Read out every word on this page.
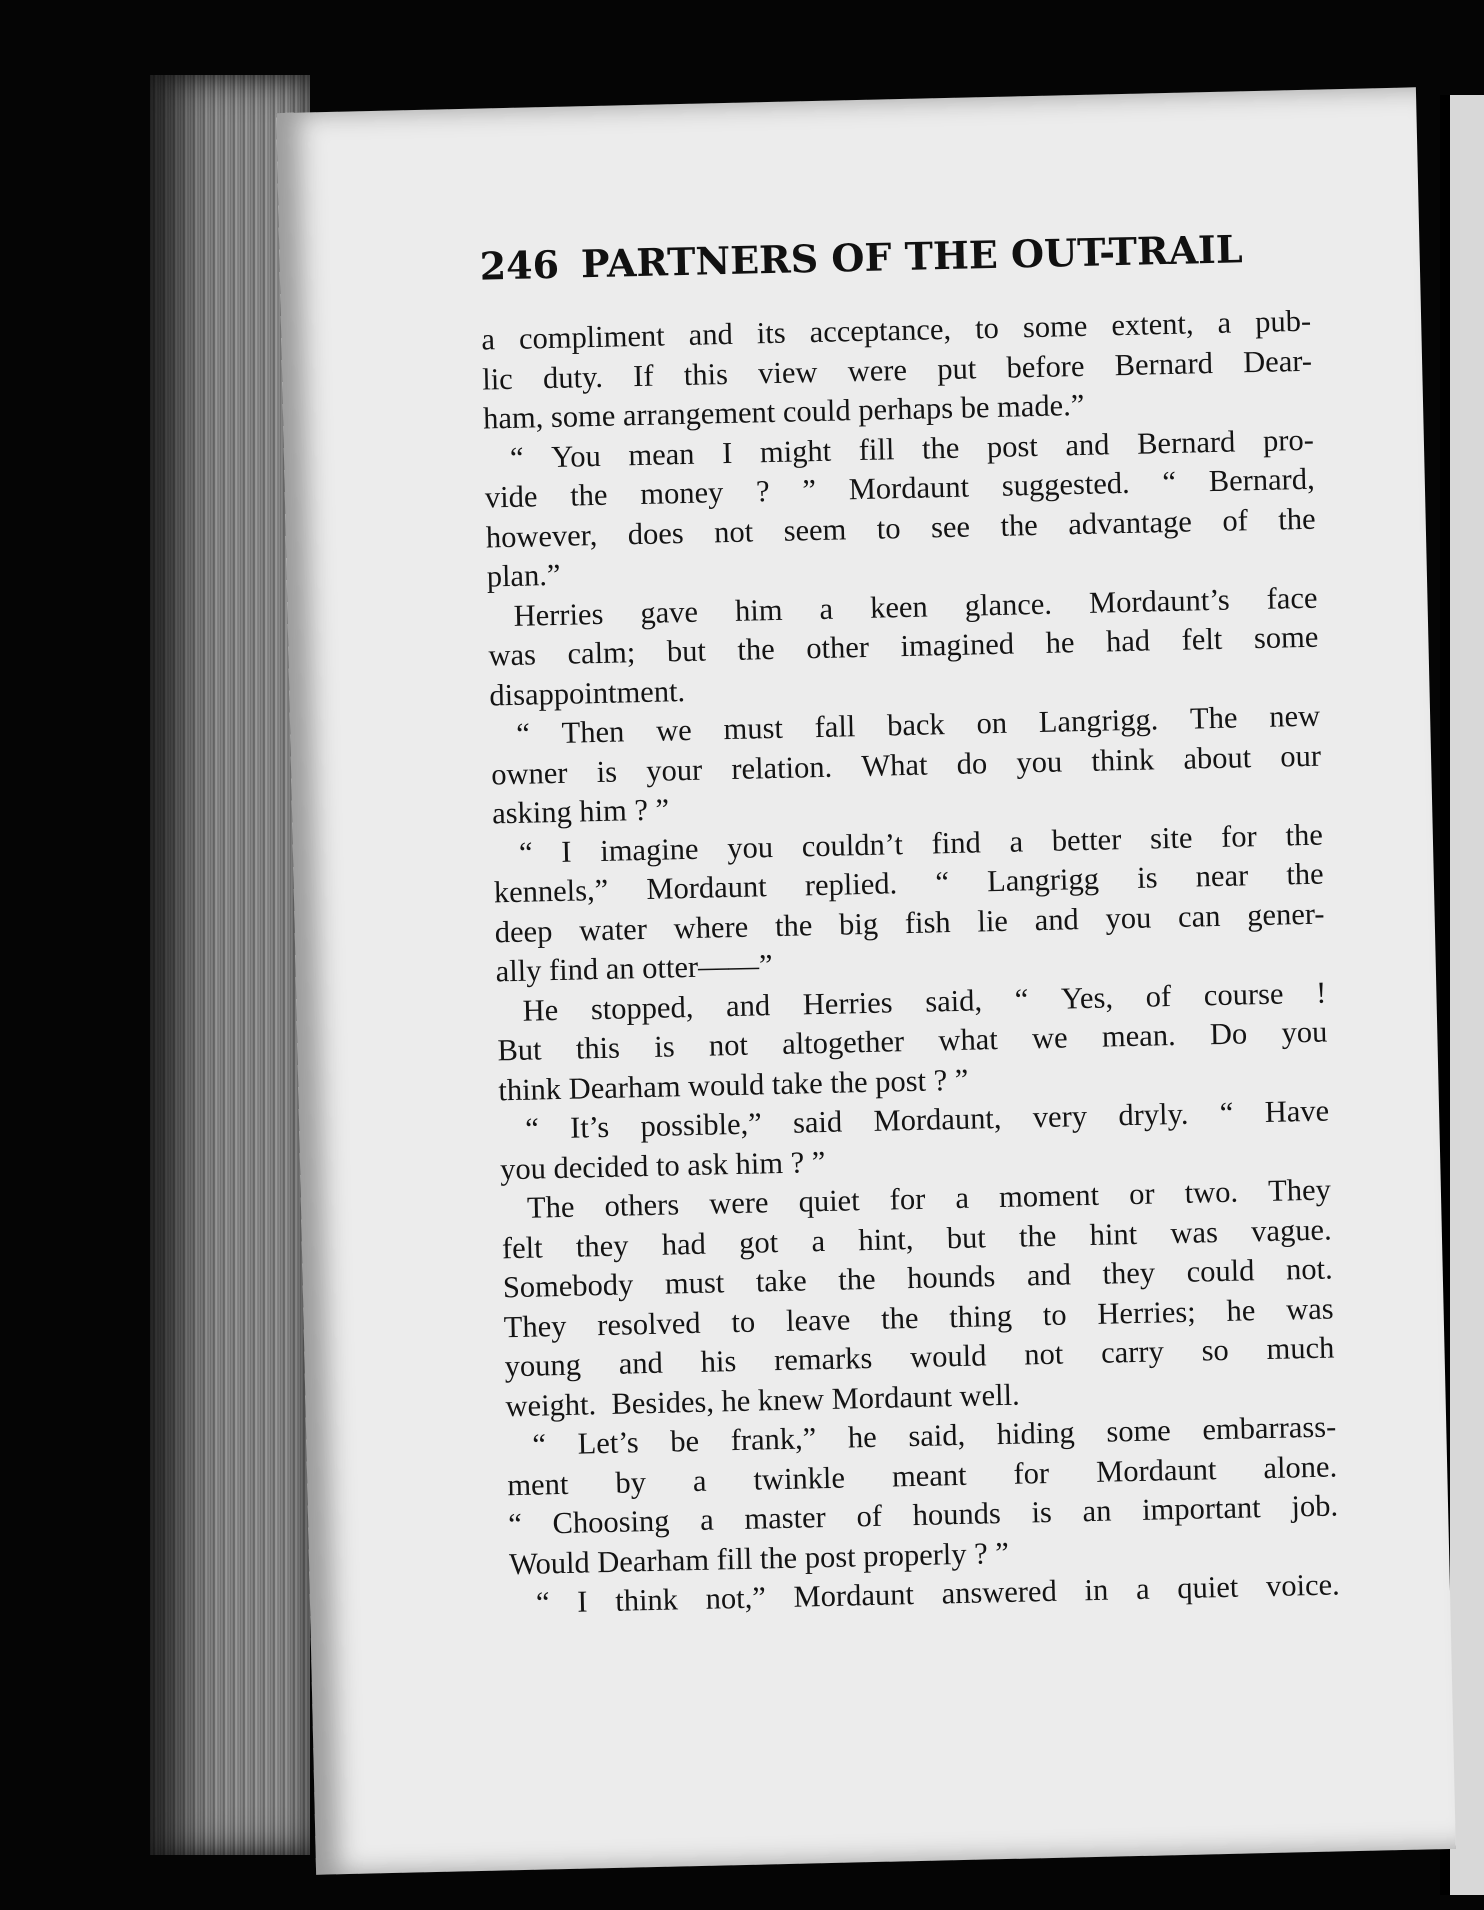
246 PARTNERS OF THE OUT-TRAIL
a compliment and its acceptance, to some extent, a pub-
lic duty. If this view were put before Bernard Dear-
ham, some arrangement could perhaps be made.”
“ You mean I might fill the post and Bernard pro-
vide the money ? ” Mordaunt suggested. “ Bernard,
however, does not seem to see the advantage of the
plan.”
Herries gave him a keen glance. Mordaunt’s face
was calm; but the other imagined he had felt some
disappointment.
“ Then we must fall back on Langrigg. The new
owner is your relation. What do you think about our
asking him ? ”
“ I imagine you couldn’t find a better site for the
kennels,” Mordaunt replied. “ Langrigg is near the
deep water where the big fish lie and you can gener-
ally find an otter——”
He stopped, and Herries said, “ Yes, of course !
But this is not altogether what we mean. Do you
think Dearham would take the post ? ”
“ It’s possible,” said Mordaunt, very dryly. “ Have
you decided to ask him ? ”
The others were quiet for a moment or two. They
felt they had got a hint, but the hint was vague.
Somebody must take the hounds and they could not.
They resolved to leave the thing to Herries; he was
young and his remarks would not carry so much
weight.  Besides, he knew Mordaunt well.
“ Let’s be frank,” he said, hiding some embarrass-
ment by a twinkle meant for Mordaunt alone.
“ Choosing a master of hounds is an important job.
Would Dearham fill the post properly ? ”
“ I think not,” Mordaunt answered in a quiet voice.
